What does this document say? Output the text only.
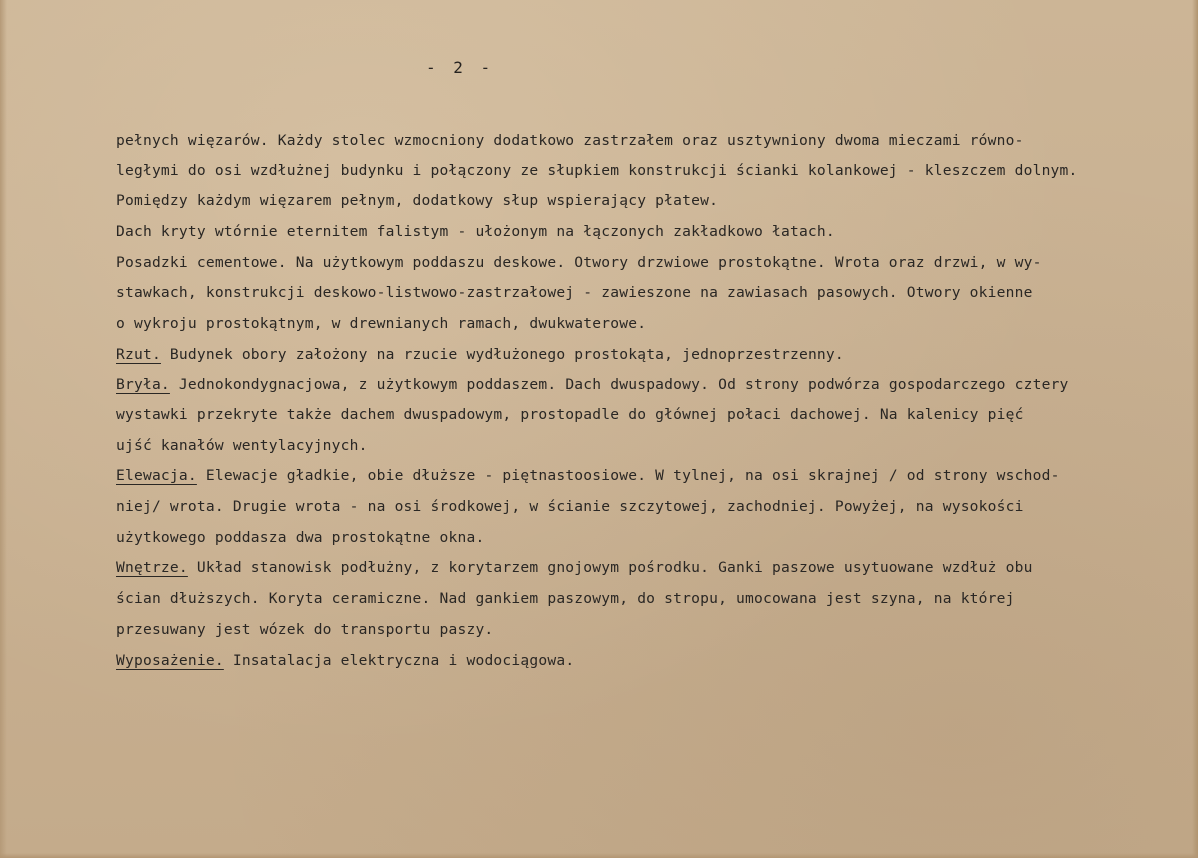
- 2 -
pełnych więzarów. Każdy stolec wzmocniony dodatkowo zastrzałem oraz usztywniony dwoma mieczami równo-
ległymi do osi wzdłużnej budynku i połączony ze słupkiem konstrukcji ścianki kolankowej - kleszczem dolnym.
Pomiędzy każdym więzarem pełnym, dodatkowy słup wspierający płatew.
Dach kryty wtórnie eternitem falistym - ułożonym na łączonych zakładkowo łatach.
Posadzki cementowe. Na użytkowym poddaszu deskowe. Otwory drzwiowe prostokątne. Wrota oraz drzwi, w wy-
stawkach, konstrukcji deskowo-listwowo-zastrzałowej - zawieszone na zawiasach pasowych. Otwory okienne
o wykroju prostokątnym, w drewnianych ramach, dwukwaterowe.
Rzut. Budynek obory założony na rzucie wydłużonego prostokąta, jednoprzestrzenny.
Bryła. Jednokondygnacjowa, z użytkowym poddaszem. Dach dwuspadowy. Od strony podwórza gospodarczego cztery
wystawki przekryte także dachem dwuspadowym, prostopadle do głównej połaci dachowej. Na kalenicy pięć
ujść kanałów wentylacyjnych.
Elewacja. Elewacje gładkie, obie dłuższe - piętnastoosiowe. W tylnej, na osi skrajnej / od strony wschod-
niej/ wrota. Drugie wrota - na osi środkowej, w ścianie szczytowej, zachodniej. Powyżej, na wysokości
użytkowego poddasza dwa prostokątne okna.
Wnętrze. Układ stanowisk podłużny, z korytarzem gnojowym pośrodku. Ganki paszowe usytuowane wzdłuż obu
ścian dłuższych. Koryta ceramiczne. Nad gankiem paszowym, do stropu, umocowana jest szyna, na której
przesuwany jest wózek do transportu paszy.
Wyposażenie. Insatalacja elektryczna i wodociągowa.
